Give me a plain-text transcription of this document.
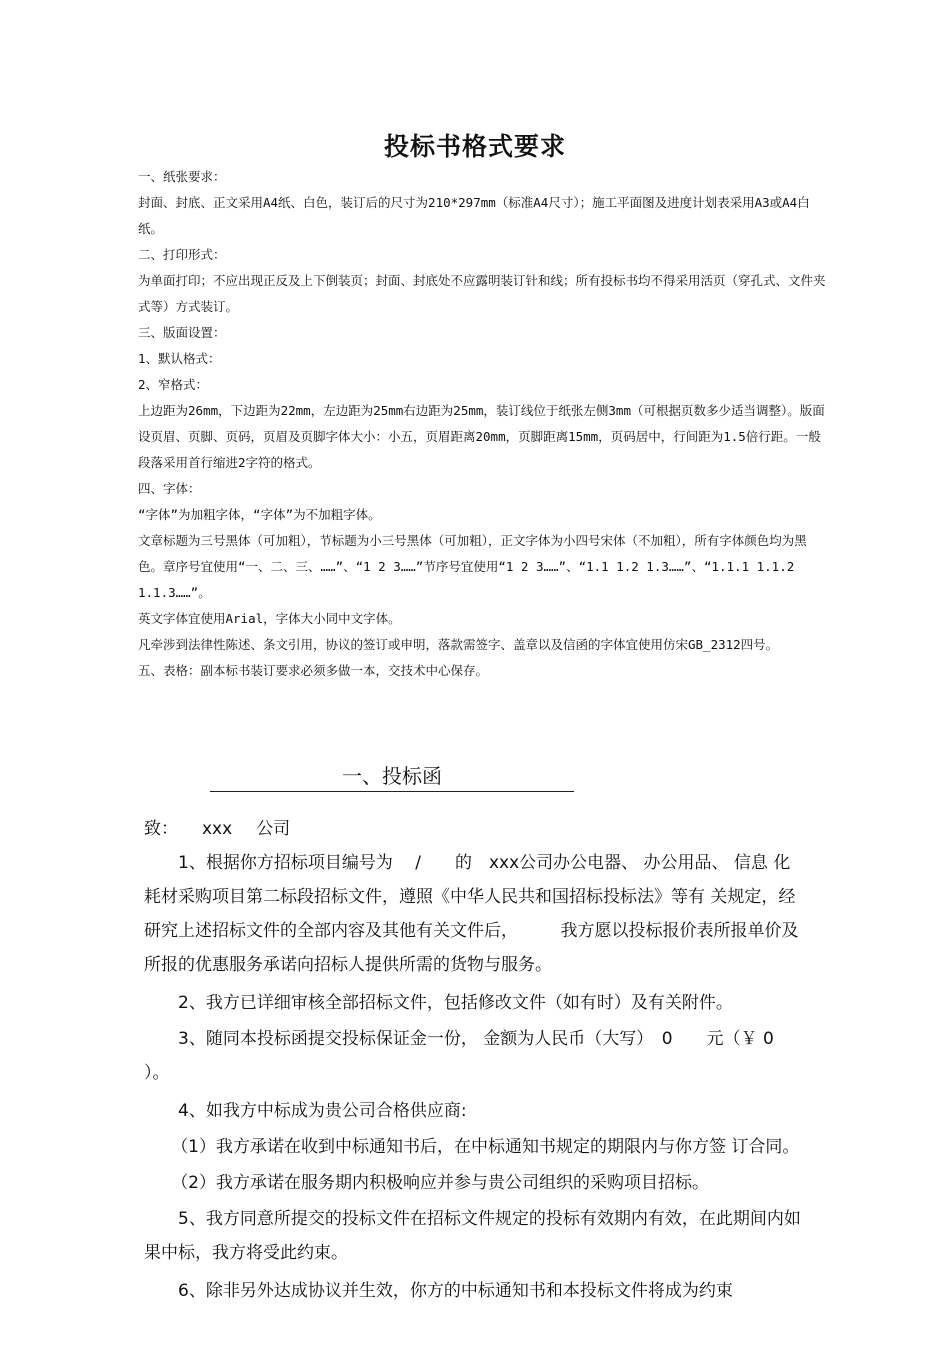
投标书格式要求

一、纸张要求：

封面、封底、正文采用A4纸、白色，装订后的尺寸为210*297mm（标准A4尺寸）；施工平面图及进度计划表采用A3或A4白纸。

二、打印形式：

为单面打印；不应出现正反及上下倒装页；封面、封底处不应露明装订针和线；所有投标书均不得采用活页（穿孔式、文件夹式等）方式装订。

三、版面设置：

1、默认格式：

2、窄格式：

上边距为26mm，下边距为22mm，左边距为25mm右边距为25mm，装订线位于纸张左侧3mm（可根据页数多少适当调整）。版面设页眉、页脚、页码，页眉及页脚字体大小：小五，页眉距离20mm，页脚距离15mm，页码居中，行间距为1.5倍行距。一般段落采用首行缩进2字符的格式。

四、字体：

“字体”为加粗字体，“字体”为不加粗字体。

文章标题为三号黑体（可加粗），节标题为小三号黑体（可加粗），正文字体为小四号宋体（不加粗），所有字体颜色均为黑色。章序号宜使用“一、二、三、……”、“1 2 3……”节序号宜使用“1 2 3……”、“1.1 1.2 1.3……”、“1.1.1 1.1.2 1.1.3……”。

英文字体宜使用Arial，字体大小同中文字体。

凡牵涉到法律性陈述、条文引用，协议的签订或申明，落款需签字、盖章以及信函的字体宜使用仿宋GB_2312四号。

五、表格：副本标书装订要求必须多做一本，交技术中心保存。

一、投标函

致： xxx 公司

1、根据你方招标项目编号为　 /　　的　xxx公司办公电器、 办公用品、 信息 化耗材采购项目第二标段招标文件，遵照《中华人民共和国招标投标法》等有 关规定，经研究上述招标文件的全部内容及其他有关文件后，　　　我方愿以投标报价表所报单价及所报的优惠服务承诺向招标人提供所需的货物与服务。

2、我方已详细审核全部招标文件，包括修改文件（如有时）及有关附件。

3、随同本投标函提交投标保证金一份， 金额为人民币（大写）　0　　元（￥ 0 ）。

4、如我方中标成为贵公司合格供应商:

（1）我方承诺在收到中标通知书后，在中标通知书规定的期限内与你方签 订合同。

（2）我方承诺在服务期内积极响应并参与贵公司组织的采购项目招标。

5、我方同意所提交的投标文件在招标文件规定的投标有效期内有效，在此期间内如果中标，我方将受此约束。

6、除非另外达成协议并生效，你方的中标通知书和本投标文件将成为约束
